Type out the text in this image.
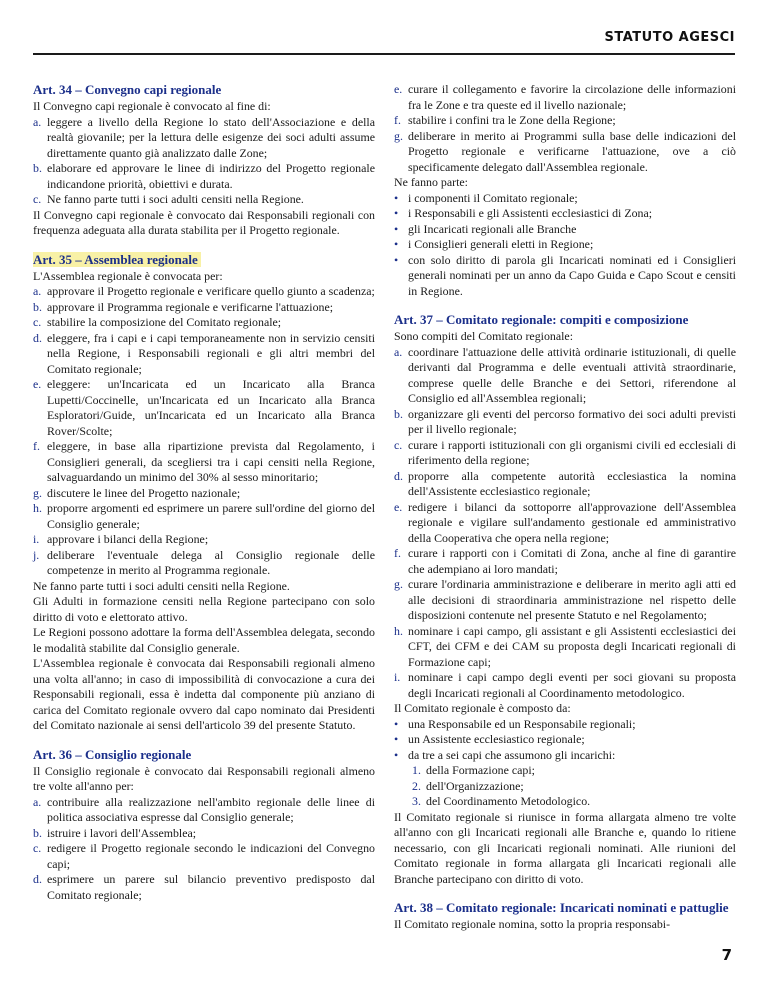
STATUTO AGESCI
Art. 34 – Convegno capi regionale

Il Convegno capi regionale è convocato al fine di:

a. leggere a livello della Regione lo stato dell'Associazione e della realtà giovanile; per la lettura delle esigenze dei soci adulti assume direttamente quanto già analizzato dalle Zone;
b. elaborare ed approvare le linee di indirizzo del Progetto regionale indicandone priorità, obiettivi e durata.
c. Ne fanno parte tutti i soci adulti censiti nella Regione.

Il Convegno capi regionale è convocato dai Responsabili regionali con frequenza adeguata alla durata stabilita per il Progetto regionale.

Art. 35 – Assemblea regionale

L'Assemblea regionale è convocata per:

a. approvare il Progetto regionale e verificare quello giunto a scadenza;
b. approvare il Programma regionale e verificarne l'attuazione;
c. stabilire la composizione del Comitato regionale;
d. eleggere, fra i capi e i capi temporaneamente non in servizio censiti nella Regione, i Responsabili regionali e gli altri membri del Comitato regionale;
e. eleggere: un'Incaricata ed un Incaricato alla Branca Lupetti/Coccinelle, un'Incaricata ed un Incaricato alla Branca Esploratori/Guide, un'Incaricata ed un Incaricato alla Branca Rover/Scolte;
f. eleggere, in base alla ripartizione prevista dal Regolamento, i Consiglieri generali, da scegliersi tra i capi censiti nella Regione, salvaguardando un minimo del 30% al sesso minoritario;
g. discutere le linee del Progetto nazionale;
h. proporre argomenti ed esprimere un parere sull'ordine del giorno del Consiglio generale;
i. approvare i bilanci della Regione;
j. deliberare l'eventuale delega al Consiglio regionale delle competenze in merito al Programma regionale.

Ne fanno parte tutti i soci adulti censiti nella Regione.

Gli Adulti in formazione censiti nella Regione partecipano con solo diritto di voto e elettorato attivo.

Le Regioni possono adottare la forma dell'Assemblea delegata, secondo le modalità stabilite dal Consiglio generale.

L'Assemblea regionale è convocata dai Responsabili regionali almeno una volta all'anno; in caso di impossibilità di convocazione a cura dei Responsabili regionali, essa è indetta dal componente più anziano di carica del Comitato regionale ovvero dal capo nominato dai Presidenti del Comitato nazionale ai sensi dell'articolo 39 del presente Statuto.

Art. 36 – Consiglio regionale

Il Consiglio regionale è convocato dai Responsabili regionali almeno tre volte all'anno per:

a. contribuire alla realizzazione nell'ambito regionale delle linee di politica associativa espresse dal Consiglio generale;
b. istruire i lavori dell'Assemblea;
c. redigere il Progetto regionale secondo le indicazioni del Convegno capi;
d. esprimere un parere sul bilancio preventivo predisposto dal Comitato regionale;
e. curare il collegamento e favorire la circolazione delle informazioni fra le Zone e tra queste ed il livello nazionale;
f. stabilire i confini tra le Zone della Regione;
g. deliberare in merito ai Programmi sulla base delle indicazioni del Progetto regionale e verificarne l'attuazione, ove a ciò specificamente delegato dall'Assemblea regionale.

Ne fanno parte:

• i componenti il Comitato regionale;
• i Responsabili e gli Assistenti ecclesiastici di Zona;
• gli Incaricati regionali alle Branche
• i Consiglieri generali eletti in Regione;
• con solo diritto di parola gli Incaricati nominati ed i Consiglieri generali nominati per un anno da Capo Guida e Capo Scout e censiti in Regione.
Art. 37 – Comitato regionale: compiti e composizione

Sono compiti del Comitato regionale:

a. coordinare l'attuazione delle attività ordinarie istituzionali, di quelle derivanti dal Programma e delle eventuali attività straordinarie, comprese quelle delle Branche e dei Settori, riferendone al Consiglio ed all'Assemblea regionali;
b. organizzare gli eventi del percorso formativo dei soci adulti previsti per il livello regionale;
c. curare i rapporti istituzionali con gli organismi civili ed ecclesiali di riferimento della regione;
d. proporre alla competente autorità ecclesiastica la nomina dell'Assistente ecclesiastico regionale;
e. redigere i bilanci da sottoporre all'approvazione dell'Assemblea regionale e vigilare sull'andamento gestionale ed amministrativo della Cooperativa che opera nella regione;
f. curare i rapporti con i Comitati di Zona, anche al fine di garantire che adempiano ai loro mandati;
g. curare l'ordinaria amministrazione e deliberare in merito agli atti ed alle decisioni di straordinaria amministrazione nel rispetto delle disposizioni contenute nel presente Statuto e nel Regolamento;
h. nominare i capi campo, gli assistant e gli Assistenti ecclesiastici dei CFT, dei CFM e dei CAM su proposta degli Incaricati regionali di Formazione capi;
i. nominare i capi campo degli eventi per soci giovani su proposta degli Incaricati regionali al Coordinamento metodologico.

Il Comitato regionale è composto da:

• una Responsabile ed un Responsabile regionali;
• un Assistente ecclesiastico regionale;
• da tre a sei capi che assumono gli incarichi:
1. della Formazione capi;
2. dell'Organizzazione;
3. del Coordinamento Metodologico.

Il Comitato regionale si riunisce in forma allargata almeno tre volte all'anno con gli Incaricati regionali alle Branche e, quando lo ritiene necessario, con gli Incaricati regionali nominati. Alle riunioni del Comitato regionale in forma allargata gli Incaricati regionali alle Branche partecipano con diritto di voto.

Art. 38 – Comitato regionale: Incaricati nominati e pattuglie

Il Comitato regionale nomina, sotto la propria responsabi-

7
